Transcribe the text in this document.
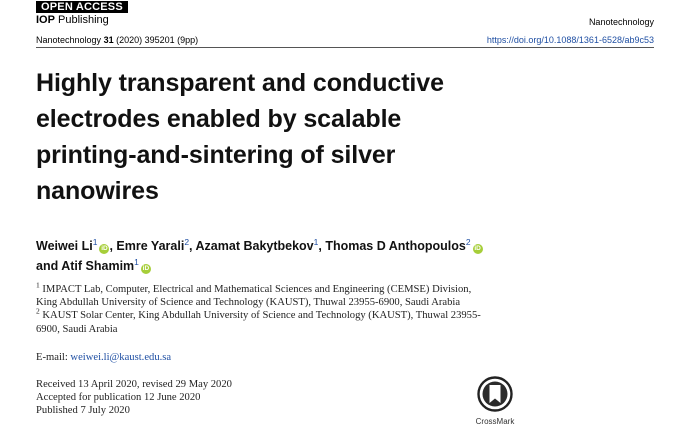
OPEN ACCESS
IOP Publishing	Nanotechnology
Nanotechnology 31 (2020) 395201 (9pp)	https://doi.org/10.1088/1361-6528/ab9c53
Highly transparent and conductive
electrodes enabled by scalable
printing-and-sintering of silver
nanowires
Weiwei Li$^1$iD , Emre Yarali$^2$, Azamat Bakytbekov$^1$, Thomas D Anthopoulos$^2$iD
and Atif Shamim$^1$iD
$^1$ IMPACT Lab, Computer, Electrical and Mathematical Sciences and Engineering (CEMSE) Division,
King Abdullah University of Science and Technology (KAUST), Thuwal 23955-6900, Saudi Arabia
$^2$ KAUST Solar Center, King Abdullah University of Science and Technology (KAUST), Thuwal 23955-
6900, Saudi Arabia
E-mail: weiwei.li@kaust.edu.sa
Received 13 April 2020, revised 29 May 2020
Accepted for publication 12 June 2020
Published 7 July 2020
CrossMark
